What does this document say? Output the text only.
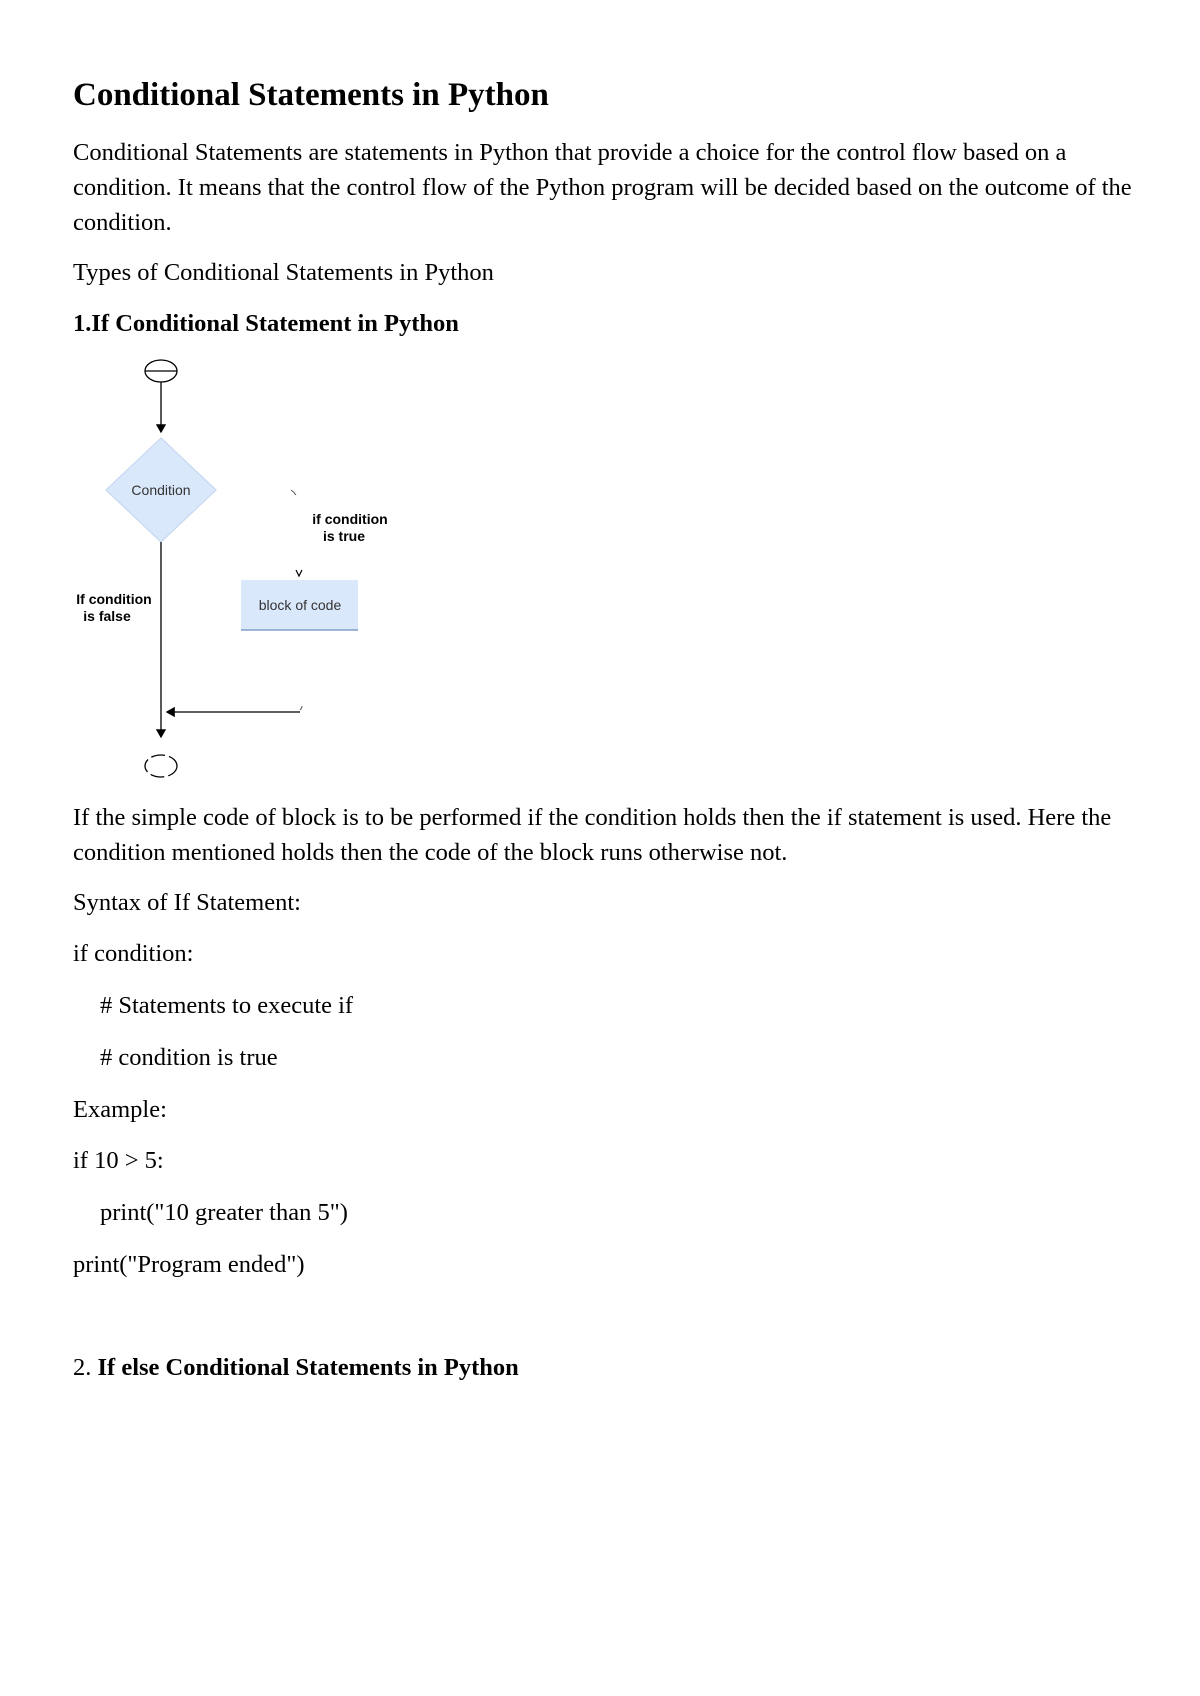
Conditional Statements in Python

Conditional Statements are statements in Python that provide a choice for the control flow based on a condition. It means that the control flow of the Python program will be decided based on the outcome of the condition.

Types of Conditional Statements in Python

1.If Conditional Statement in Python

Condition
if condition
is true
If condition
is false
block of code

If the simple code of block is to be performed if the condition holds then the if statement is used. Here the condition mentioned holds then the code of the block runs otherwise not.

Syntax of If Statement:

if condition:

# Statements to execute if

# condition is true

Example:

if 10 > 5:

print("10 greater than 5")

print("Program ended")

2. If else Conditional Statements in Python
